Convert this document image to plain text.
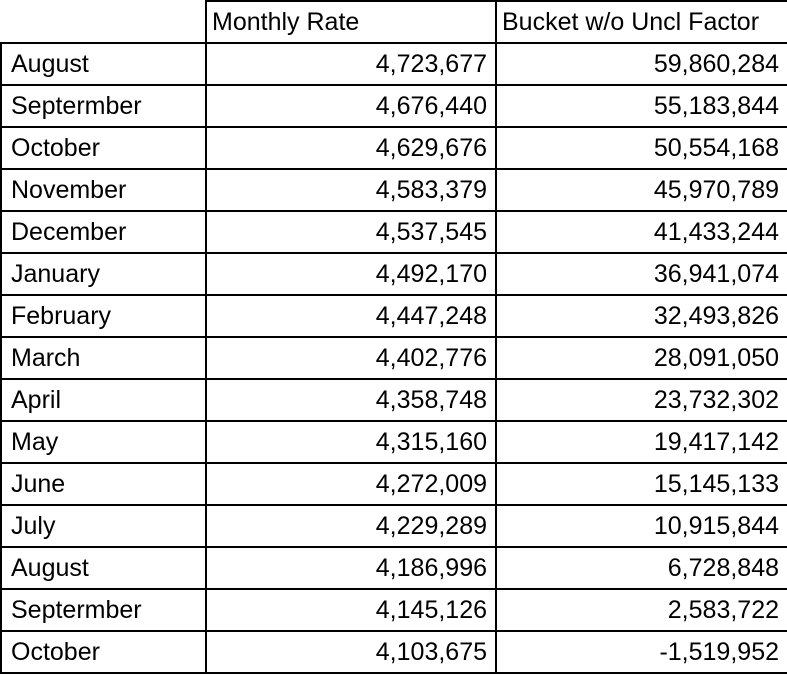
	Monthly Rate	Bucket w/o Uncl Factor
August	4,723,677	59,860,284
Septermber	4,676,440	55,183,844
October	4,629,676	50,554,168
November	4,583,379	45,970,789
December	4,537,545	41,433,244
January	4,492,170	36,941,074
February	4,447,248	32,493,826
March	4,402,776	28,091,050
April	4,358,748	23,732,302
May	4,315,160	19,417,142
June	4,272,009	15,145,133
July	4,229,289	10,915,844
August	4,186,996	6,728,848
Septermber	4,145,126	2,583,722
October	4,103,675	-1,519,952
